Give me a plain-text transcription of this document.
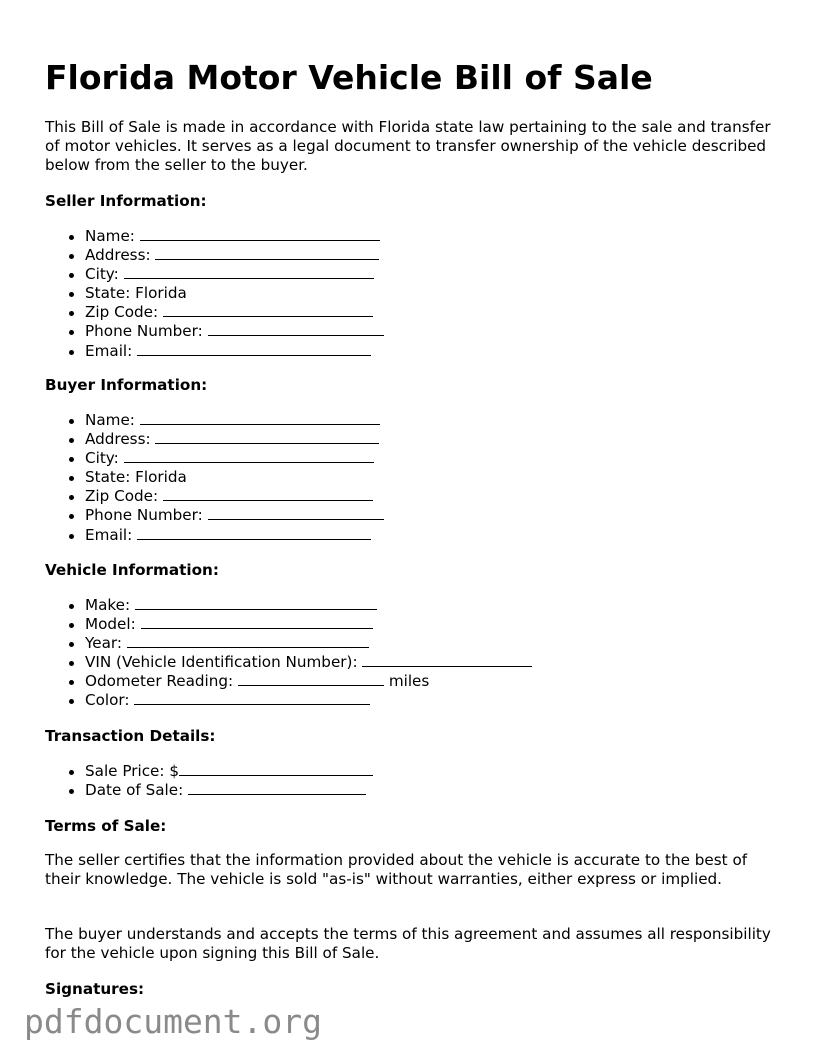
Florida Motor Vehicle Bill of Sale

This Bill of Sale is made in accordance with Florida state law pertaining to the sale and transfer of motor vehicles. It serves as a legal document to transfer ownership of the vehicle described below from the seller to the buyer.

Seller Information:

Name:
Address:
City:
State: Florida
Zip Code:
Phone Number:
Email:

Buyer Information:

Name:
Address:
City:
State: Florida
Zip Code:
Phone Number:
Email:

Vehicle Information:

Make:
Model:
Year:
VIN (Vehicle Identification Number):
Odometer Reading:	miles
Color:

Transaction Details:

Sale Price: $
Date of Sale:

Terms of Sale:

The seller certifies that the information provided about the vehicle is accurate to the best of their knowledge. The vehicle is sold "as-is" without warranties, either express or implied.

The buyer understands and accepts the terms of this agreement and assumes all responsibility for the vehicle upon signing this Bill of Sale.

Signatures:

pdfdocument.org
